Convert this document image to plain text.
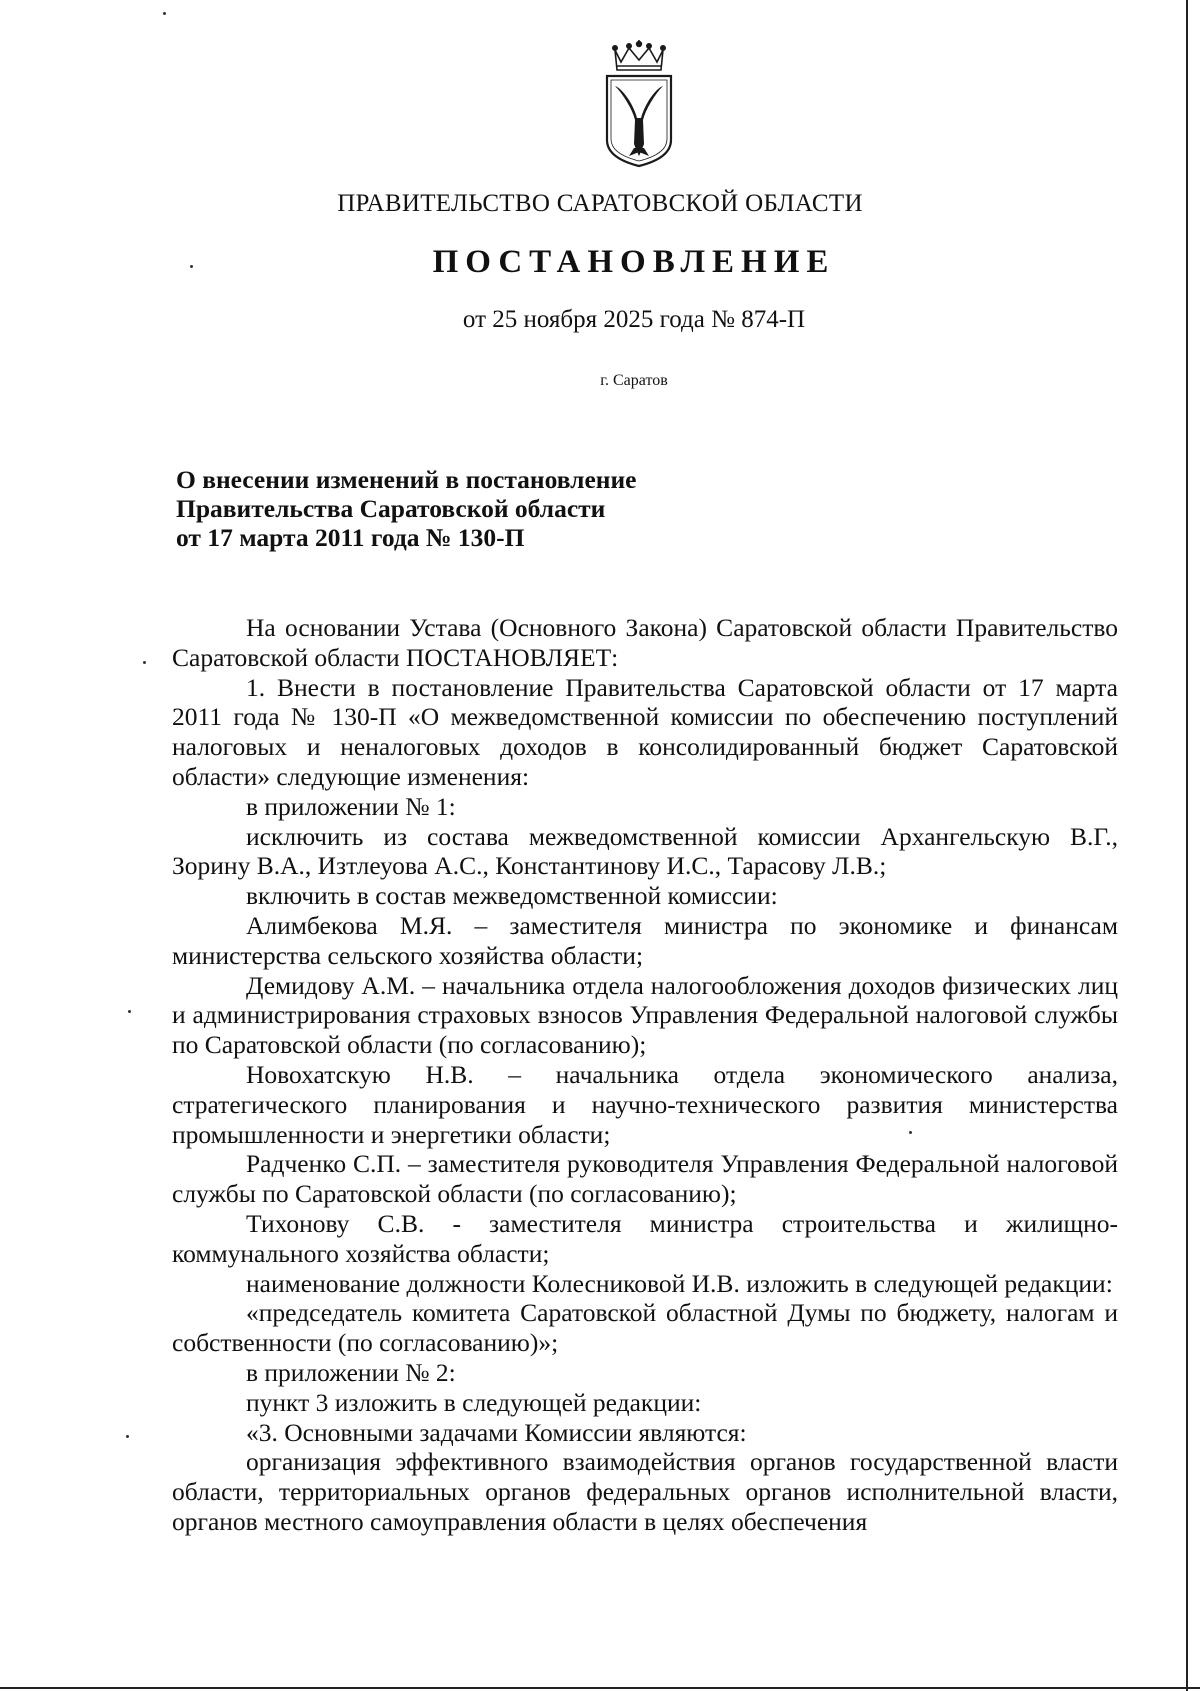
ПРАВИТЕЛЬСТВО САРАТОВСКОЙ ОБЛАСТИ
ПОСТАНОВЛЕНИЕ
от 25 ноября 2025 года № 874-П
г. Саратов
О внесении изменений в постановление
Правительства Саратовской области
от 17 марта 2011 года № 130-П

На основании Устава (Основного Закона) Саратовской области Правительство Саратовской области ПОСТАНОВЛЯЕТ:

1. Внести в постановление Правительства Саратовской области от 17 марта 2011 года № 130-П «О межведомственной комиссии по обеспечению поступлений налоговых и неналоговых доходов в консолидированный бюджет Саратовской области» следующие изменения:

в приложении № 1:

исключить из состава межведомственной комиссии Архангельскую В.Г., Зорину В.А., Изтлеуова А.С., Константинову И.С., Тарасову Л.В.;

включить в состав межведомственной комиссии:

Алимбекова М.Я. – заместителя министра по экономике и финансам министерства сельского хозяйства области;

Демидову А.М. – начальника отдела налогообложения доходов физических лиц и администрирования страховых взносов Управления Федеральной налоговой службы по Саратовской области (по согласованию);

Новохатскую Н.В. – начальника отдела экономического анализа, стратегического планирования и научно-технического развития министерства промышленности и энергетики области;

Радченко С.П. – заместителя руководителя Управления Федеральной налоговой службы по Саратовской области (по согласованию);

Тихонову С.В. - заместителя министра строительства и жилищно-коммунального хозяйства области;

наименование должности Колесниковой И.В. изложить в следующей редакции:

«председатель комитета Саратовской областной Думы по бюджету, налогам и собственности (по согласованию)»;

в приложении № 2:

пункт 3 изложить в следующей редакции:

«3. Основными задачами Комиссии являются:

организация эффективного взаимодействия органов государственной власти области, территориальных органов федеральных органов исполнительной власти, органов местного самоуправления области в целях обеспечения
